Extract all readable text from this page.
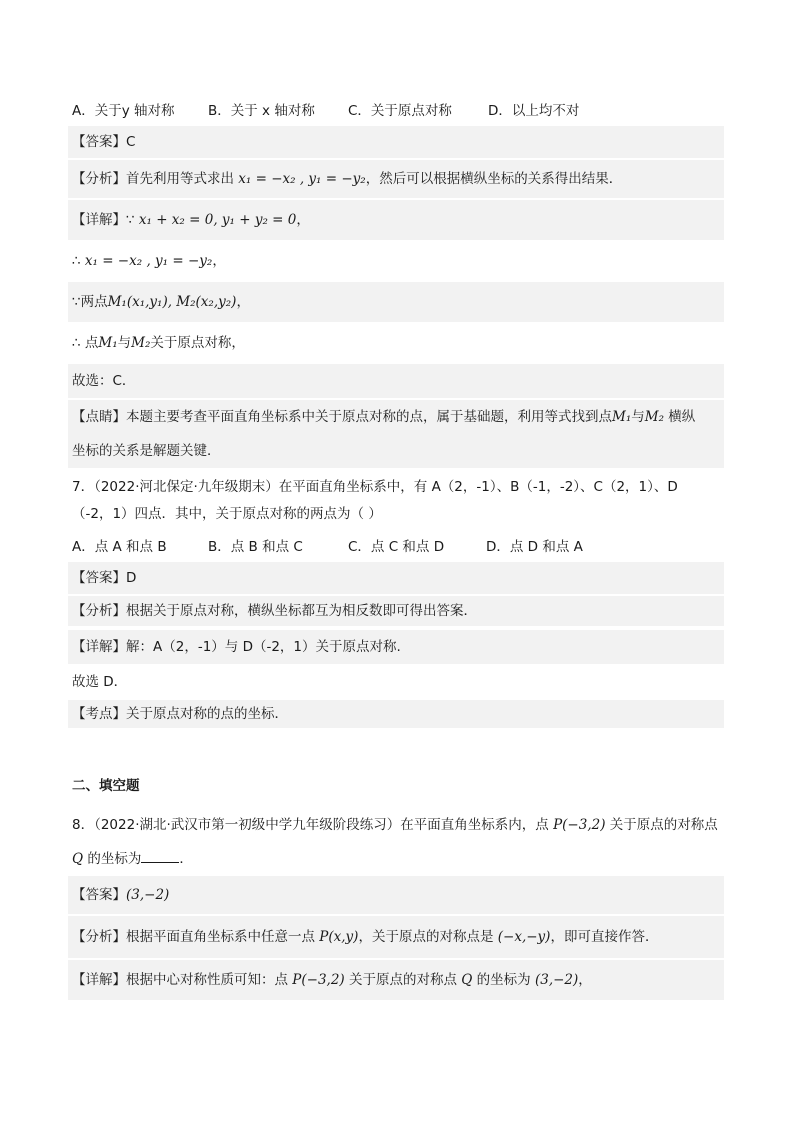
A．关于y 轴对称 B．关于 x 轴对称 C．关于原点对称	D．以上均不对
【答案】C
【分析】首先利用等式求出 x₁ = −x₂ , y₁ = −y₂，然后可以根据横纵坐标的关系得出结果．
【详解】∵ x₁ + x₂ = 0, y₁ + y₂ = 0，
∴ x₁ = −x₂ , y₁ = −y₂，
∵两点M₁(x₁,y₁), M₂(x₂,y₂)，
∴ 点M₁与M₂关于原点对称，
故选：C．
【点睛】本题主要考查平面直角坐标系中关于原点对称的点，属于基础题，利用等式找到点M₁与M₂ 横纵
坐标的关系是解题关键．
7．（2022·河北保定·九年级期末）在平面直角坐标系中，有 A（2，-1）、B（-1，-2）、C（2，1）、D
（-2，1）四点．其中，关于原点对称的两点为（ ）
A．点 A 和点 B	B．点 B 和点 C	C．点 C 和点 D	D．点 D 和点 A
【答案】D
【分析】根据关于原点对称，横纵坐标都互为相反数即可得出答案．
【详解】解：A（2，-1）与 D（-2，1）关于原点对称.
故选 D．
【考点】关于原点对称的点的坐标．
二、填空题
8．（2022·湖北·武汉市第一初级中学九年级阶段练习）在平面直角坐标系内，点 P(−3,2) 关于原点的对称点
Q 的坐标为	．
【答案】(3,−2)
【分析】根据平面直角坐标系中任意一点 P(x,y)，关于原点的对称点是 (−x,−y)，即可直接作答．
【详解】根据中心对称性质可知：点 P(−3,2) 关于原点的对称点 Q 的坐标为 (3,−2)，
